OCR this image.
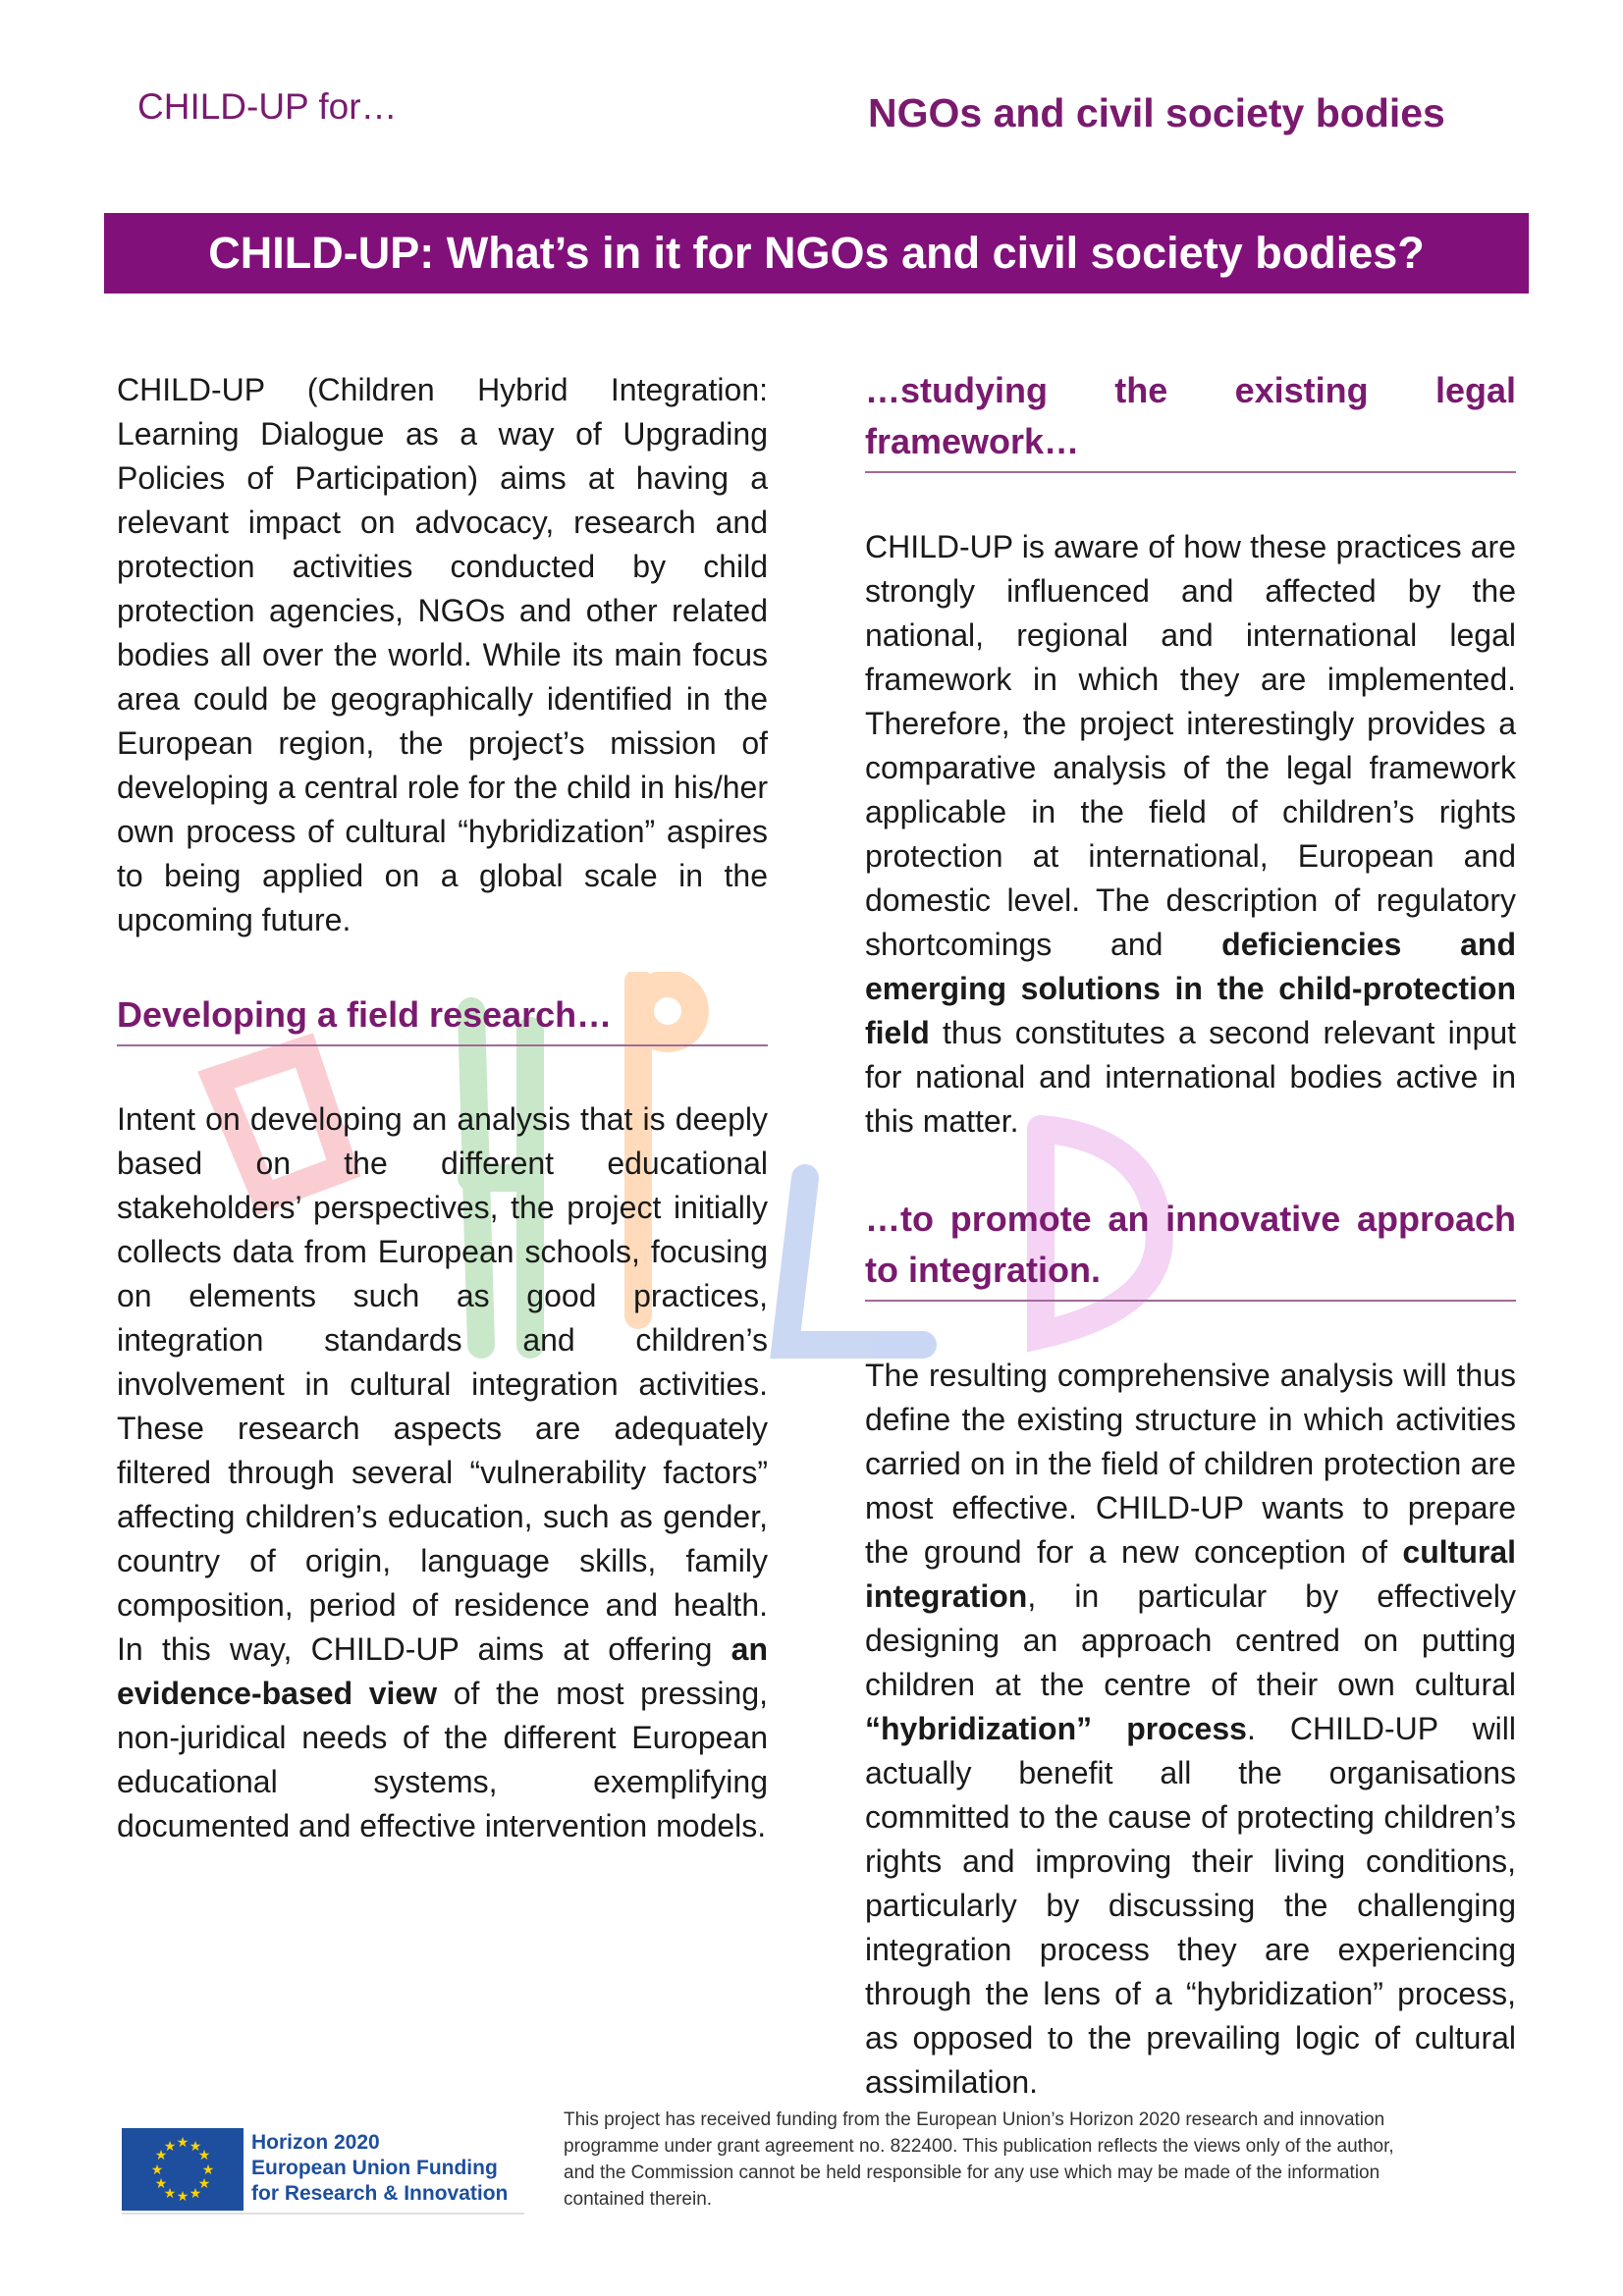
CHILD-UP for…	NGOs and civil society bodies
CHILD-UP: What’s in it for NGOs and civil society bodies?

CHILD-UP (Children Hybrid Integration: Learning Dialogue as a way of Upgrading Policies of Participation) aims at having a relevant impact on advocacy, research and protection activities conducted by child protection agencies, NGOs and other related bodies all over the world. While its main focus area could be geographically identified in the European region, the project’s mission of developing a central role for the child in his/her own process of cultural “hybridization” aspires to being applied on a global scale in the upcoming future.

Developing a field research…

Intent on developing an analysis that is deeply based on the different educational stakeholders’ perspectives, the project initially collects data from European schools, focusing on elements such as good practices, integration standards and children’s involvement in cultural integration activities. These research aspects are adequately filtered through several “vulnerability factors” affecting children’s education, such as gender, country of origin, language skills, family composition, period of residence and health. In this way, CHILD-UP aims at offering an evidence-based view of the most pressing, non-juridical needs of the different European educational systems, exemplifying documented and effective intervention models.

…studying the existing legal framework…

CHILD-UP is aware of how these practices are strongly influenced and affected by the national, regional and international legal framework in which they are implemented. Therefore, the project interestingly provides a comparative analysis of the legal framework applicable in the field of children’s rights protection at international, European and domestic level. The description of regulatory shortcomings and deficiencies and emerging solutions in the child-protection field thus constitutes a second relevant input for national and international bodies active in this matter.

…to promote an innovative approach to integration.

The resulting comprehensive analysis will thus define the existing structure in which activities carried on in the field of children protection are most effective. CHILD-UP wants to prepare the ground for a new conception of cultural integration, in particular by effectively designing an approach centred on putting children at the centre of their own cultural “hybridization” process. CHILD-UP will actually benefit all the organisations committed to the cause of protecting children’s rights and improving their living conditions, particularly by discussing the challenging integration process they are experiencing through the lens of a “hybridization” process, as opposed to the prevailing logic of cultural assimilation.

★ ★
★
★
★
★
★
★
★
★
★
★	Horizon 2020
European Union Funding
for Research & Innovation
This project has received funding from the European Union’s Horizon 2020 research and innovation
programme under grant agreement no. 822400. This publication reflects the views only of the author,
and the Commission cannot be held responsible for any use which may be made of the information
contained therein.
